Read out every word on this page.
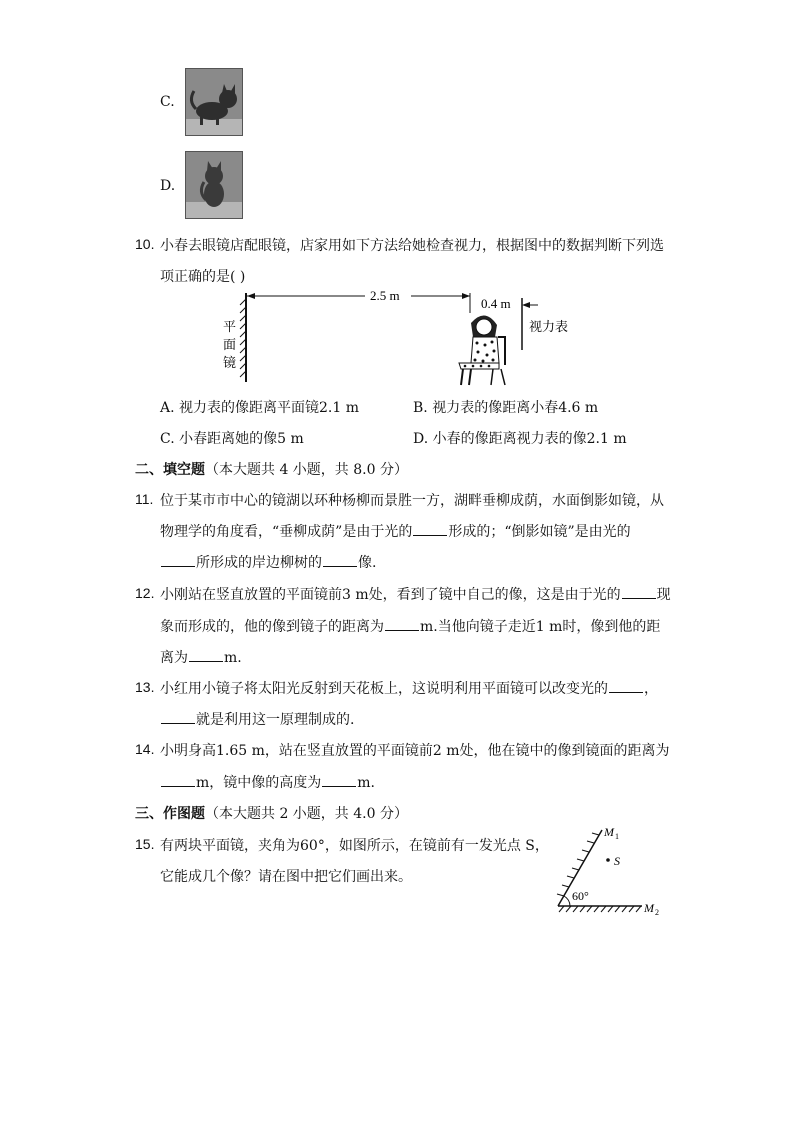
C.
D.
10. 小春去眼镜店配眼镜，店家用如下方法给她检查视力，根据图中的数据判断下列选
项正确的是( )
平
面
镜
2.5 m
0.4 m
视力表
A. 视力表的像距离平面镜2.1 m	B. 视力表的像距离小春4.6 m
C. 小春距离她的像5 m	D. 小春的像距离视力表的像2.1 m
二、填空题（本大题共 4 小题，共 8.0 分）
11. 位于某市市中心的镜湖以环种杨柳而景胜一方，湖畔垂柳成荫，水面倒影如镜，从
物理学的角度看，“垂柳成荫”是由于光的	形成的；“倒影如镜”是由光的
所形成的岸边柳树的	像.
12. 小刚站在竖直放置的平面镜前3 m处，看到了镜中自己的像，这是由于光的	现
象而形成的，他的像到镜子的距离为	m.当他向镜子走近1 m时，像到他的距
离为	m.
13. 小红用小镜子将太阳光反射到天花板上，这说明利用平面镜可以改变光的	，
就是利用这一原理制成的.
14. 小明身高1.65 m，站在竖直放置的平面镜前2 m处，他在镜中的像到镜面的距离为
m，镜中像的高度为	m.
三、作图题（本大题共 2 小题，共 4.0 分）
15. 有两块平面镜，夹角为60°，如图所示，在镜前有一发光点 S，
它能成几个像？请在图中把它们画出来。
60°
S
M 1
M 2
